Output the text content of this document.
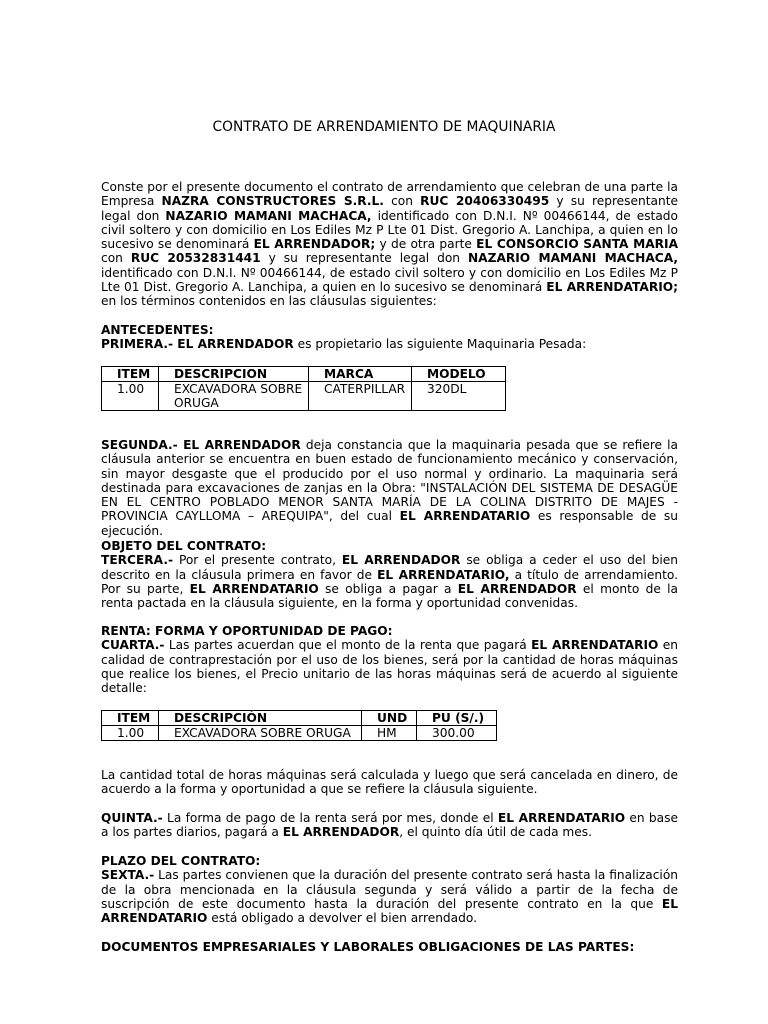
CONTRATO DE ARRENDAMIENTO DE MAQUINARIA

Conste por el presente documento el contrato de arrendamiento que celebran de una parte la Empresa NAZRA CONSTRUCTORES S.R.L. con RUC 20406330495 y su representante legal don NAZARIO MAMANI MACHACA, identificado con D.N.I. Nº 00466144, de estado civil soltero y con domicilio en Los Ediles Mz P Lte 01 Dist. Gregorio A. Lanchipa, a quien en lo sucesivo se denominará EL ARRENDADOR; y de otra parte EL CONSORCIO SANTA MARIA con RUC 20532831441 y su representante legal don NAZARIO MAMANI MACHACA, identificado con D.N.I. Nº 00466144, de estado civil soltero y con domicilio en Los Ediles Mz P Lte 01 Dist. Gregorio A. Lanchipa, a quien en lo sucesivo se denominará EL ARRENDATARIO; en los términos contenidos en las cláusulas siguientes:

ANTECEDENTES:

PRIMERA.- EL ARRENDADOR es propietario las siguiente Maquinaria Pesada:

ITEM	DESCRIPCION	MARCA	MODELO
1.00	EXCAVADORA SOBRE ORUGA	CATERPILLAR	320DL

SEGUNDA.- EL ARRENDADOR deja constancia que la maquinaria pesada que se refiere la cláusula anterior se encuentra en buen estado de funcionamiento mecánico y conservación, sin mayor desgaste que el producido por el uso normal y ordinario. La maquinaria será destinada para excavaciones de zanjas en la Obra: "INSTALACIÓN DEL SISTEMA DE DESAGÜE EN EL CENTRO POBLADO MENOR SANTA MARÍA DE LA COLINA DISTRITO DE MAJES - PROVINCIA CAYLLOMA – AREQUIPA", del cual EL ARRENDATARIO es responsable de su ejecución.

OBJETO DEL CONTRATO:

TERCERA.- Por el presente contrato, EL ARRENDADOR se obliga a ceder el uso del bien descrito en la cláusula primera en favor de EL ARRENDATARIO, a título de arrendamiento. Por su parte, EL ARRENDATARIO se obliga a pagar a EL ARRENDADOR el monto de la renta pactada en la cláusula siguiente, en la forma y oportunidad convenidas.

RENTA: FORMA Y OPORTUNIDAD DE PAGO:

CUARTA.- Las partes acuerdan que el monto de la renta que pagará EL ARRENDATARIO en calidad de contraprestación por el uso de los bienes, será por la cantidad de horas máquinas que realice los bienes, el Precio unitario de las horas máquinas será de acuerdo al siguiente detalle:

ITEM	DESCRIPCIÓN	UND	PU (S/.)
1.00	EXCAVADORA SOBRE ORUGA	HM	300.00

La cantidad total de horas máquinas será calculada y luego que será cancelada en dinero, de acuerdo a la forma y oportunidad a que se refiere la cláusula siguiente.

QUINTA.- La forma de pago de la renta será por mes, donde el EL ARRENDATARIO en base a los partes diarios, pagará a EL ARRENDADOR, el quinto día útil de cada mes.

PLAZO DEL CONTRATO:

SEXTA.- Las partes convienen que la duración del presente contrato será hasta la finalización de la obra mencionada en la cláusula segunda y será válido a partir de la fecha de suscripción de este documento hasta la duración del presente contrato en la que EL ARRENDATARIO está obligado a devolver el bien arrendado.

DOCUMENTOS EMPRESARIALES Y LABORALES OBLIGACIONES DE LAS PARTES:
